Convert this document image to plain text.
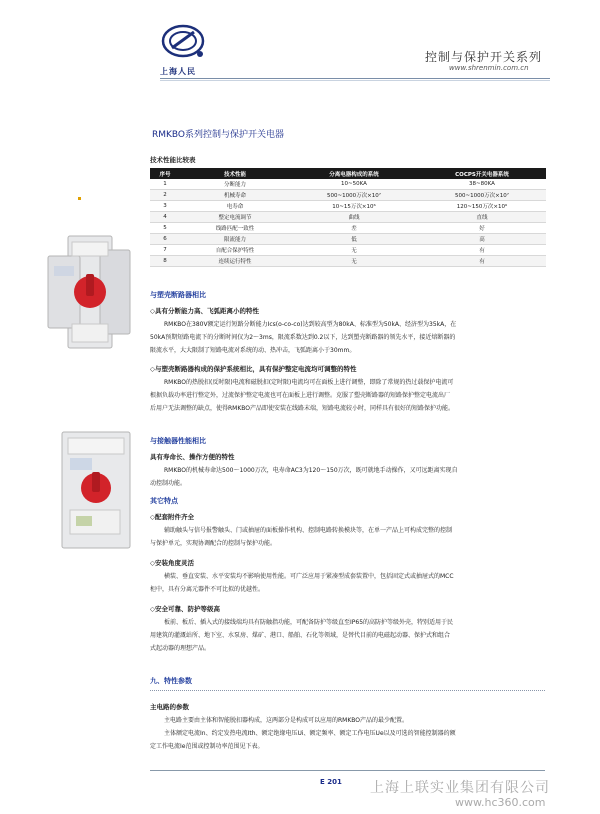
上海人民
控制与保护开关系列
www.shrenmin.com.cn
RMKBO系列控制与保护开关电器
技术性能比较表
序号	技术性能	分离电器构成的系统	COCPS开关电器系统
1	分断能力	10~50KA	38~80KA
2	机械寿命	500~1000万次×10⁷	500~1000万次×10⁷
3	电寿命	10~15万次×10⁶	120~150万次×10⁶
4	整定电流调节	曲线	直线
5	线路匹配一致性	差	好
6	限流能力	低	高
7	自配合保护特性	无	有
8	连续运行特性	无	有
与塑壳断路器相比
◇具有分断能力高、飞弧距离小的特性
RMKBO在380V额定运行短路分断能力Ics(o-co-co)达到较高型为80kA、标准型为50kA、经济型为35kA，在
50kA预期短路电流下的分断时间仅为2～3ms，限流系数达到0.2以下，达到塑壳断路器的领先水平，接近熔断器的
限流水平，大大限制了短路电流对系统的动、热冲击，飞弧距离小于30mm。
◇与塑壳断路器构成的保护系统相比，具有保护整定电流均可调整的特性
RMKBO的热脱扣(反时限)电流和磁脱扣(定时限)电流均可在面板上进行调整，即除了常规的热过载保护电流可
根据负载功率进行整定外，过流保护整定电流也可在面板上进行调整。克服了塑壳断路器的短路保护整定电流出厂
后用户无法调整的缺点，使得RMKBO产品即使安装在线路末端，短路电流较小时，同样具有很好的短路保护功能。
与接触器性能相比
具有寿命长、操作方便的特性
RMKBO的机械寿命达500～1000万次，电寿命AC3为120～150万次，既可就地手动操作，又可远距离实现自
动控制功能。
其它特点
◇配套附件齐全
辅助触头与信号报警触头、门或抽屉的面板操作机构、控制电路转换模块等，在单一产品上可构成完整的控制
与保护单元，实现协调配合的控制与保护功能。
◇安装角度灵活
横装、垂直安装、水平安装均不影响使用性能。可广泛应用于紧凑型成套装置中，包括固定式或抽屉式的MCC
柜中，具有分离元器件不可比拟的优越性。
◇安全可靠、防护等级高
板前、板后、插入式的接线端均具有防触指功能，可配备防护等级直至IP65的高防护等级外壳，特别适用于民
用建筑的灌溉站所、地下室、水泵房、煤矿、港口、船舶、石化等领域，是替代目前的电磁起动器、保护式和组合
式起动器的理想产品。
九、特性参数
主电路的参数
主电路主要由主体和智能脱扣器构成，这两部分是构成可以应用的RMKBO产品的最少配置。
主体额定电流In、约定发热电流Ith、额定绝缘电压Ui、额定频率、额定工作电压Ue以及可选的智能控制器的额
定工作电流Ie范围或控制功率范围见下表。
E 201 上海上联实业集团有限公司
www.hc360.com
